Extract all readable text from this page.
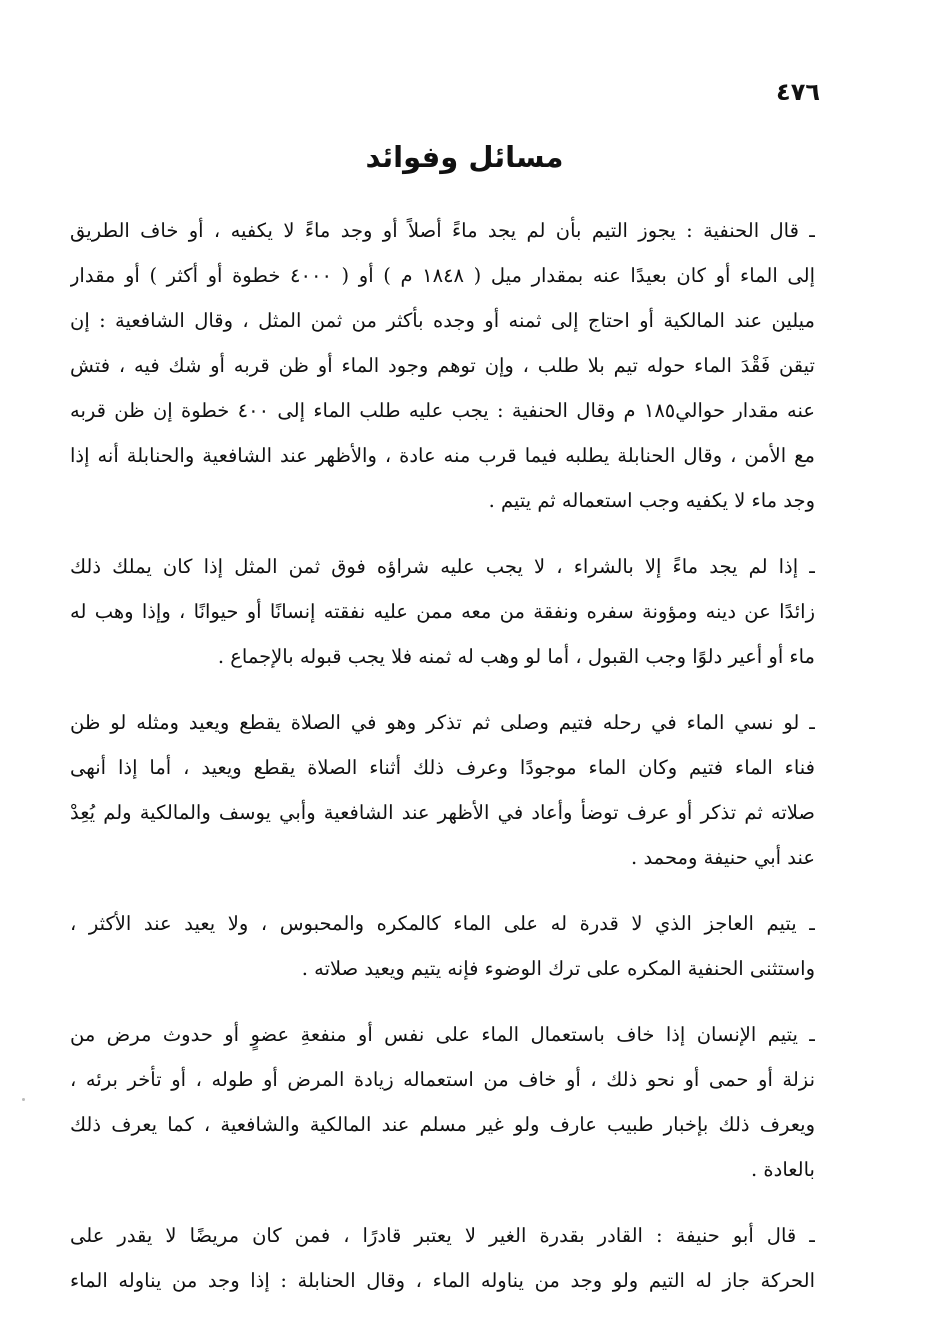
٤٧٦
مسائل وفوائد
ـ قال الحنفية : يجوز التيم بأن لم يجد ماءً أصلاً أو وجد ماءً لا يكفيه ، أو خاف الطريق
إلى الماء أو كان بعيدًا عنه بمقدار ميل ( ١٨٤٨ م ) أو ( ٤٠٠٠ خطوة أو أكثر ) أو مقدار
ميلين عند المالكية أو احتاج إلى ثمنه أو وجده بأكثر من ثمن المثل ، وقال الشافعية : إن
تيقن فَقْدَ الماء حوله تيم بلا طلب ، وإن توهم وجود الماء أو ظن قربه أو شك فيه ، فتش
عنه مقدار حوالي١٨٥ م وقال الحنفية : يجب عليه طلب الماء إلى ٤٠٠ خطوة إن ظن قربه
مع الأمن ، وقال الحنابلة يطلبه فيما قرب منه عادة ، والأظهر عند الشافعية والحنابلة أنه إذا
وجد ماء لا يكفيه وجب استعماله ثم يتيم .
ـ إذا لم يجد ماءً إلا بالشراء ، لا يجب عليه شراؤه فوق ثمن المثل إذا كان يملك ذلك
زائدًا عن دينه ومؤونة سفره ونفقة من معه ممن عليه نفقته إنسانًا أو حيوانًا ، وإذا وهب له
ماء أو أعير دلوًا وجب القبول ، أما لو وهب له ثمنه فلا يجب قبوله بالإجماع .
ـ لو نسي الماء في رحله فتيم وصلى ثم تذكر وهو في الصلاة يقطع ويعيد ومثله لو ظن
فناء الماء فتيم وكان الماء موجودًا وعرف ذلك أثناء الصلاة يقطع ويعيد ، أما إذا أنهى
صلاته ثم تذكر أو عرف توضأ وأعاد في الأظهر عند الشافعية وأبي يوسف والمالكية ولم يُعِدْ
عند أبي حنيفة ومحمد .
ـ يتيم العاجز الذي لا قدرة له على الماء كالمكره والمحبوس ، ولا يعيد عند الأكثر ،
واستثنى الحنفية المكره على ترك الوضوء فإنه يتيم ويعيد صلاته .
ـ يتيم الإنسان إذا خاف باستعمال الماء على نفس أو منفعةِ عضوٍ أو حدوث مرض من
نزلة أو حمى أو نحو ذلك ، أو خاف من استعماله زيادة المرض أو طوله ، أو تأخر برئه ،
ويعرف ذلك بإخبار طبيب عارف ولو غير مسلم عند المالكية والشافعية ، كما يعرف ذلك
بالعادة .
ـ قال أبو حنيفة : القادر بقدرة الغير لا يعتبر قادرًا ، فمن كان مريضًا لا يقدر على
الحركة جاز له التيم ولو وجد من يناوله الماء ، وقال الحنابلة : إذا وجد من يناوله الماء
